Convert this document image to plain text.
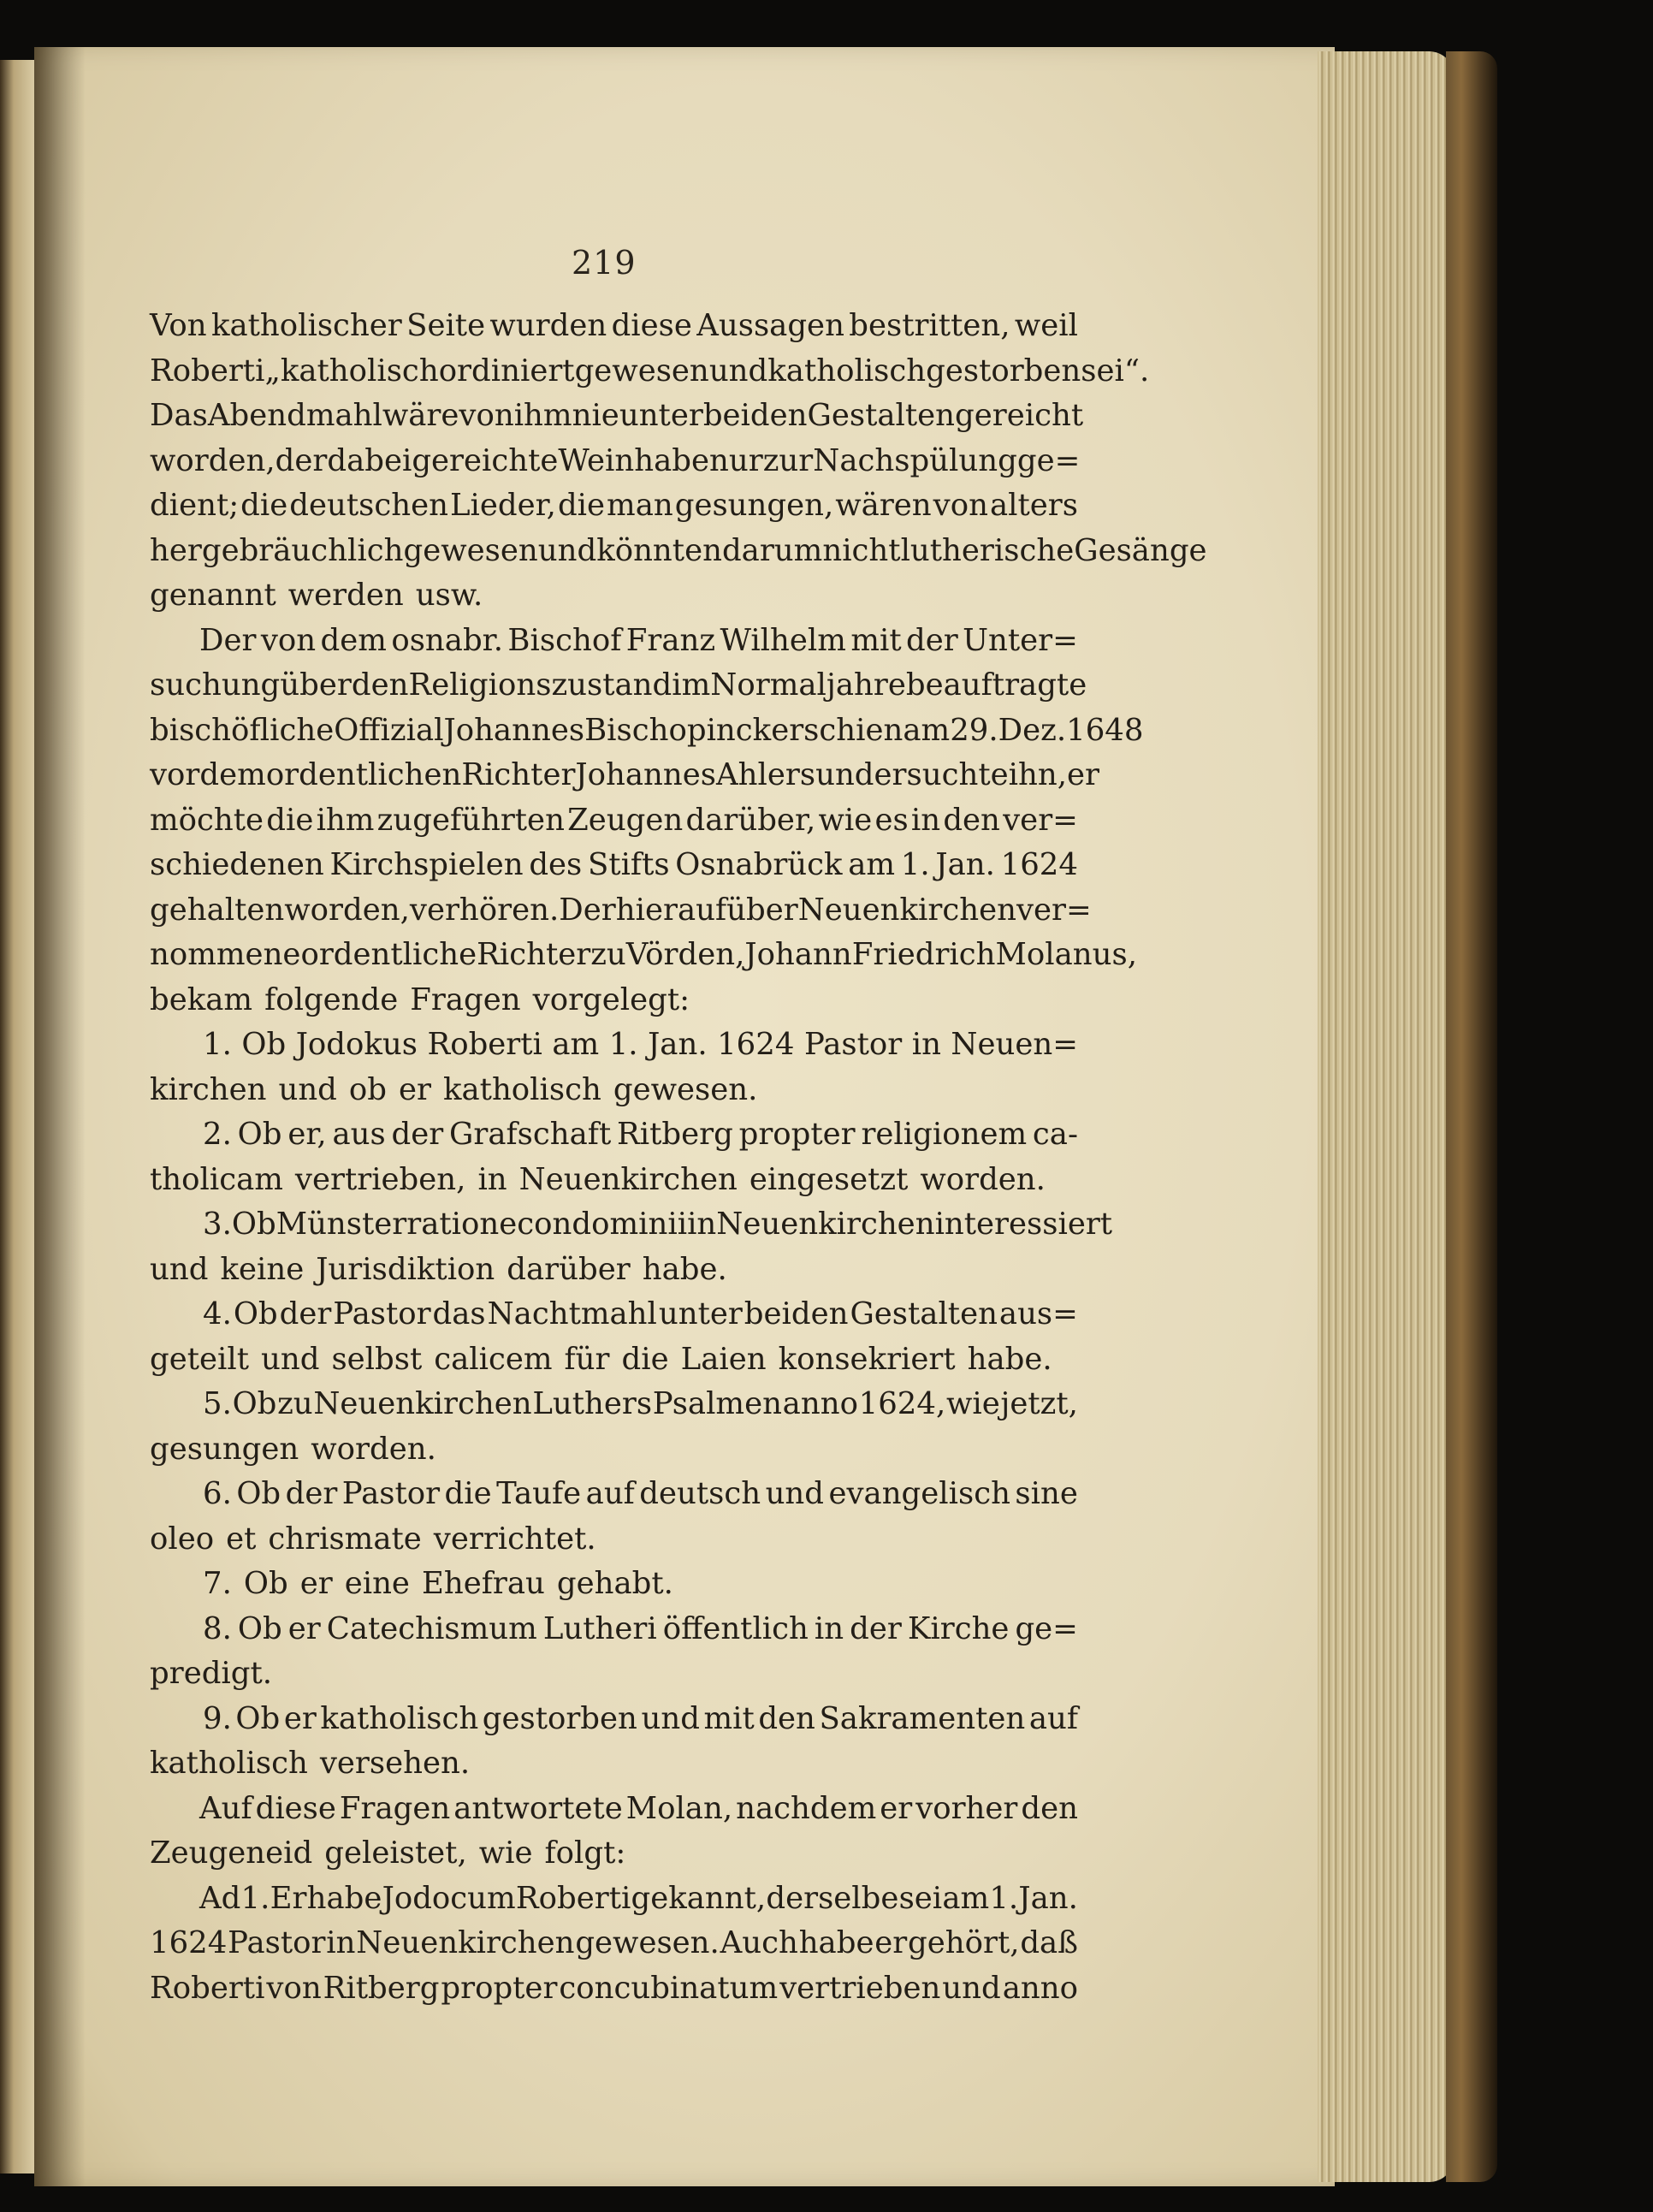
219
Von katholischer Seite wurden diese Aussagen bestritten, weil
Roberti „katholisch ordiniert gewesen und katholisch gestorben sei“.
Das Abendmahl wäre von ihm nie unter beiden Gestalten gereicht
worden, der dabei gereichte Wein habe nur zur Nachspülung ge=
dient; die deutschen Lieder, die man gesungen, wären von alters
her gebräuchlich gewesen und könnten darum nicht lutherische Gesänge
genannt werden usw.
Der von dem osnabr. Bischof Franz Wilhelm mit der Unter=
suchung über den Religionszustand im Normaljahre beauftragte
bischöfliche Offizial Johannes Bischopinck erschien am 29. Dez. 1648
vor dem ordentlichen Richter Johannes Ahlers und ersuchte ihn, er
möchte die ihm zugeführten Zeugen darüber, wie es in den ver=
schiedenen Kirchspielen des Stifts Osnabrück am 1. Jan. 1624
gehalten worden, verhören. Der hierauf über Neuenkirchen ver=
nommene ordentliche Richter zu Vörden, Johann Friedrich Molanus,
bekam folgende Fragen vorgelegt:
1. Ob Jodokus Roberti am 1. Jan. 1624 Pastor in Neuen=
kirchen und ob er katholisch gewesen.
2. Ob er, aus der Grafschaft Ritberg propter religionem ca-
tholicam vertrieben, in Neuenkirchen eingesetzt worden.
3. Ob Münster ratione condominii in Neuenkirchen interessiert
und keine Jurisdiktion darüber habe.
4. Ob der Pastor das Nachtmahl unter beiden Gestalten aus=
geteilt und selbst calicem für die Laien konsekriert habe.
5. Ob zu Neuenkirchen Luthers Psalmen anno 1624, wie jetzt,
gesungen worden.
6. Ob der Pastor die Taufe auf deutsch und evangelisch sine
oleo et chrismate verrichtet.
7. Ob er eine Ehefrau gehabt.
8. Ob er Catechismum Lutheri öffentlich in der Kirche ge=
predigt.
9. Ob er katholisch gestorben und mit den Sakramenten auf
katholisch versehen.
Auf diese Fragen antwortete Molan, nachdem er vorher den
Zeugeneid geleistet, wie folgt:
Ad 1. Er habe Jodocum Roberti gekannt, derselbe sei am 1. Jan.
1624 Pastor in Neuenkirchen gewesen. Auch habe er gehört, daß
Roberti von Ritberg propter concubinatum vertrieben und anno
